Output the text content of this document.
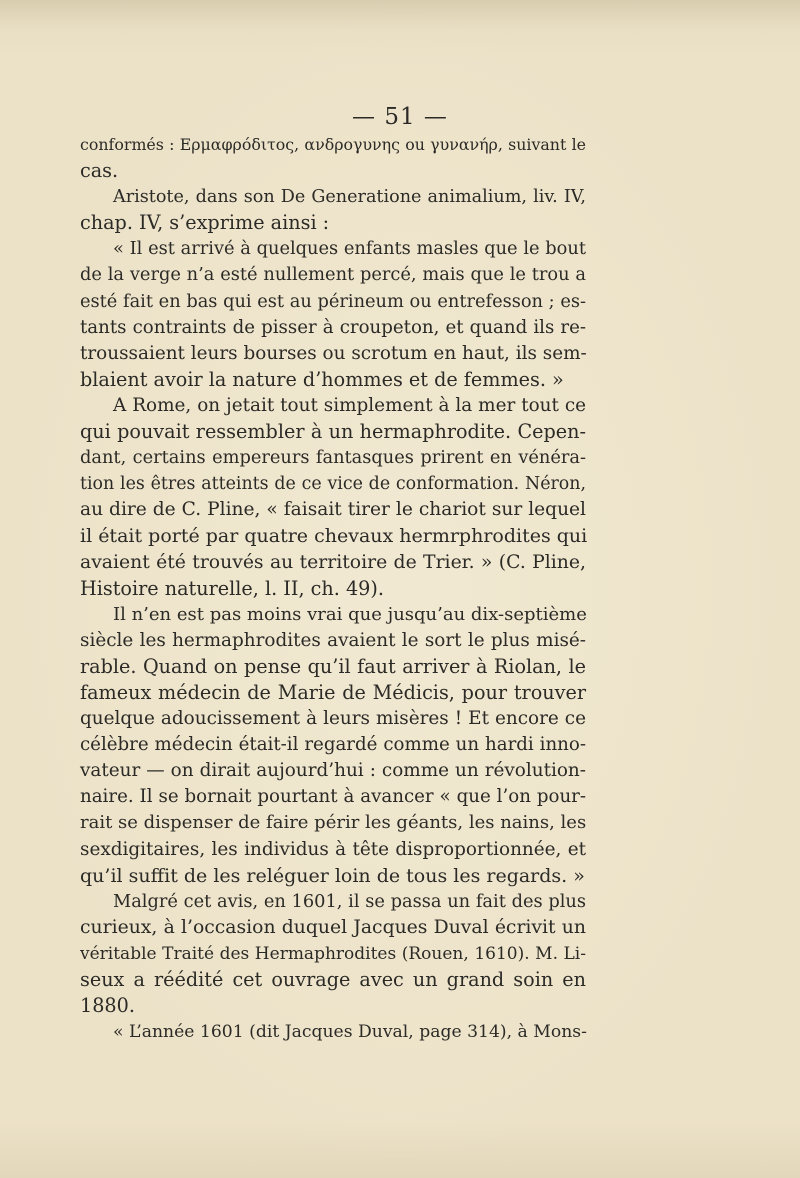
— 51 —
conformés : Ερμαφρόδιτος, ανδρογυνης ou γυνανήρ, suivant le
cas.
Aristote, dans son De Generatione animalium, liv. IV,
chap. IV, s’exprime ainsi :
« Il est arrivé à quelques enfants masles que le bout
de la verge n’a esté nullement percé, mais que le trou a
esté fait en bas qui est au périneum ou entrefesson ; es-
tants contraints de pisser à croupeton, et quand ils re-
troussaient leurs bourses ou scrotum en haut, ils sem-
blaient avoir la nature d’hommes et de femmes. »
A Rome, on jetait tout simplement à la mer tout ce
qui pouvait ressembler à un hermaphrodite. Cepen-
dant, certains empereurs fantasques prirent en vénéra-
tion les êtres atteints de ce vice de conformation. Néron,
au dire de C. Pline, « faisait tirer le chariot sur lequel
il était porté par quatre chevaux hermrphrodites qui
avaient été trouvés au territoire de Trier. » (C. Pline,
Histoire naturelle, l. II, ch. 49).
Il n’en est pas moins vrai que jusqu’au dix-septième
siècle les hermaphrodites avaient le sort le plus misé-
rable. Quand on pense qu’il faut arriver à Riolan, le
fameux médecin de Marie de Médicis, pour trouver
quelque adoucissement à leurs misères ! Et encore ce
célèbre médecin était-il regardé comme un hardi inno-
vateur — on dirait aujourd’hui : comme un révolution-
naire. Il se bornait pourtant à avancer « que l’on pour-
rait se dispenser de faire périr les géants, les nains, les
sexdigitaires, les individus à tête disproportionnée, et
qu’il suffit de les reléguer loin de tous les regards. »
Malgré cet avis, en 1601, il se passa un fait des plus
curieux, à l’occasion duquel Jacques Duval écrivit un
véritable Traité des Hermaphrodites (Rouen, 1610). M. Li-
seux a réédité cet ouvrage avec un grand soin en
1880.
« L’année 1601 (dit Jacques Duval, page 314), à Mons-
